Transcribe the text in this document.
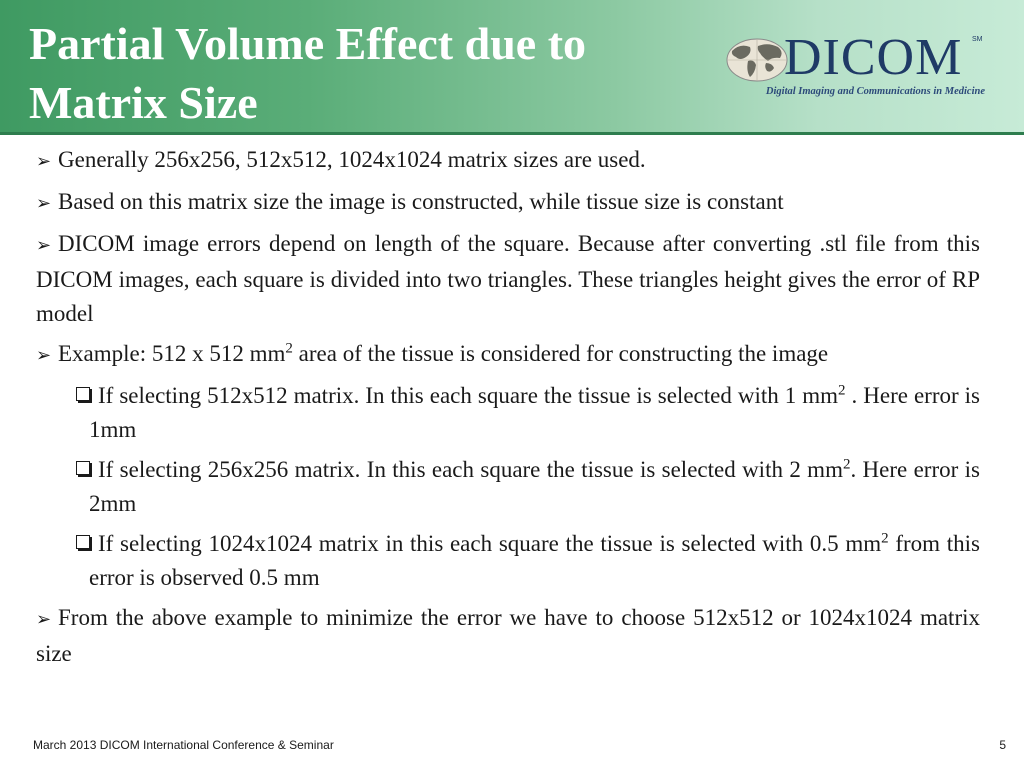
Partial Volume Effect due to
Matrix Size
DICOM SM
Digital Imaging and Communications in Medicine

➢ Generally 256x256, 512x512, 1024x1024 matrix sizes are used.

➢ Based on this matrix size the image is constructed, while tissue size is constant

➢ DICOM image errors depend on length of the square. Because after converting .stl file from this DICOM images, each square is divided into two triangles. These triangles height gives the error of RP model

➢ Example: 512 x 512 $mm^2$ area of the tissue is considered for constructing the image

If selecting 512x512 matrix. In this each square the tissue is selected with 1 $mm^2$ . Here error is 1mm

If selecting 256x256 matrix. In this each square the tissue is selected with 2 $mm^2$. Here error is 2mm

If selecting 1024x1024 matrix in this each square the tissue is selected with 0.5 $mm^2$ from this error is observed 0.5 mm

➢ From the above example to minimize the error we have to choose 512x512 or 1024x1024 matrix size

March 2013 DICOM International Conference & Seminar	5
